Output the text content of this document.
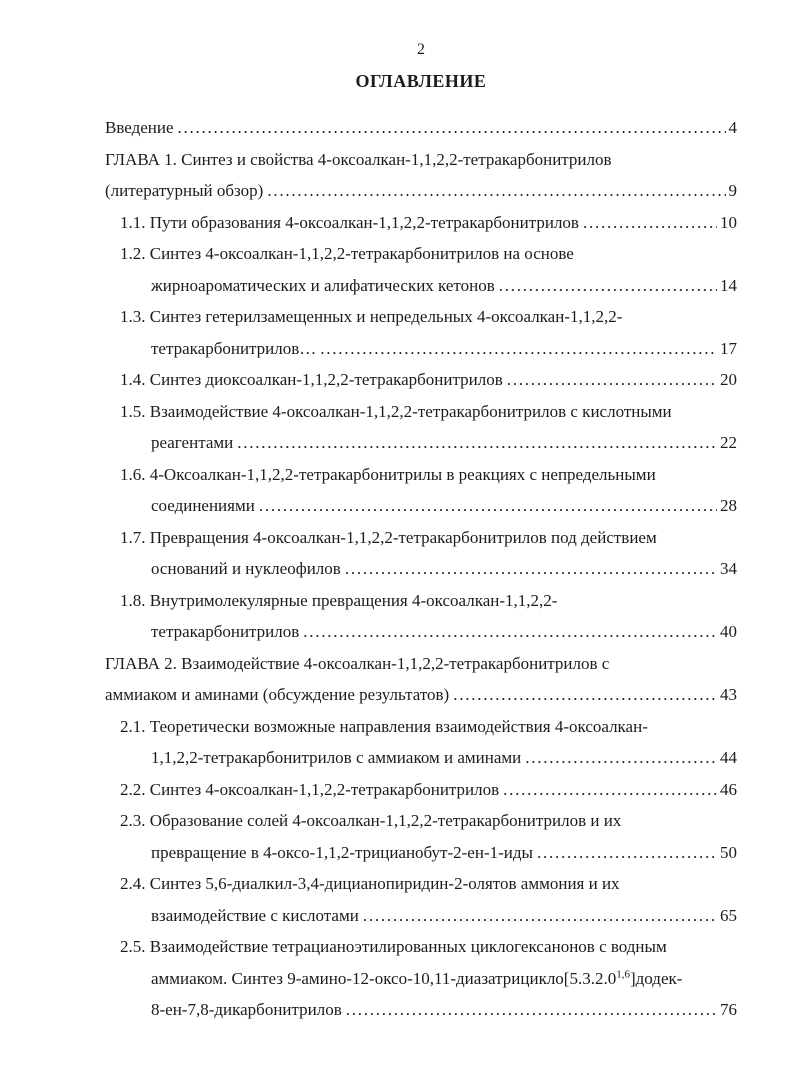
2
ОГЛАВЛЕНИЕ
Введение .....	4
ГЛАВА 1. Синтез и свойства 4-оксоалкан-1,1,2,2-тетракарбонитрилов
(литературный обзор) .....	9
1.1. Пути образования 4-оксоалкан-1,1,2,2-тетракарбонитрилов .....	10
1.2. Синтез 4-оксоалкан-1,1,2,2-тетракарбонитрилов на основе
жирноароматических и алифатических кетонов .....	14
1.3. Синтез гетерилзамещенных и непредельных 4-оксоалкан-1,1,2,2-
тетракарбонитрилов… .....	17
1.4. Синтез диоксоалкан-1,1,2,2-тетракарбонитрилов .....	20
1.5. Взаимодействие 4-оксоалкан-1,1,2,2-тетракарбонитрилов с кислотными
реагентами .....	22
1.6. 4-Оксоалкан-1,1,2,2-тетракарбонитрилы в реакциях с непредельными
соединениями .....	28
1.7. Превращения 4-оксоалкан-1,1,2,2-тетракарбонитрилов под действием
оснований и нуклеофилов .....	34
1.8. Внутримолекулярные превращения 4-оксоалкан-1,1,2,2-
тетракарбонитрилов .....	40
ГЛАВА 2. Взаимодействие 4-оксоалкан-1,1,2,2-тетракарбонитрилов с
аммиаком и аминами (обсуждение результатов) .....	43
2.1. Теоретически возможные направления взаимодействия 4-оксоалкан-
1,1,2,2-тетракарбонитрилов с аммиаком и аминами .....	44
2.2. Синтез 4-оксоалкан-1,1,2,2-тетракарбонитрилов .....	46
2.3. Образование солей 4-оксоалкан-1,1,2,2-тетракарбонитрилов и их
превращение в 4-оксо-1,1,2-трицианобут-2-ен-1-иды .....	50
2.4. Синтез 5,6-диалкил-3,4-дицианопиридин-2-олятов аммония и их
взаимодействие с кислотами .....	65
2.5. Взаимодействие тетрацианоэтилированных циклогексанонов с водным
аммиаком. Синтез 9-амино-12-оксо-10,11-диазатрицикло[5.3.2.0$^{1,6}$]додек-
8-ен-7,8-дикарбонитрилов .....	76
